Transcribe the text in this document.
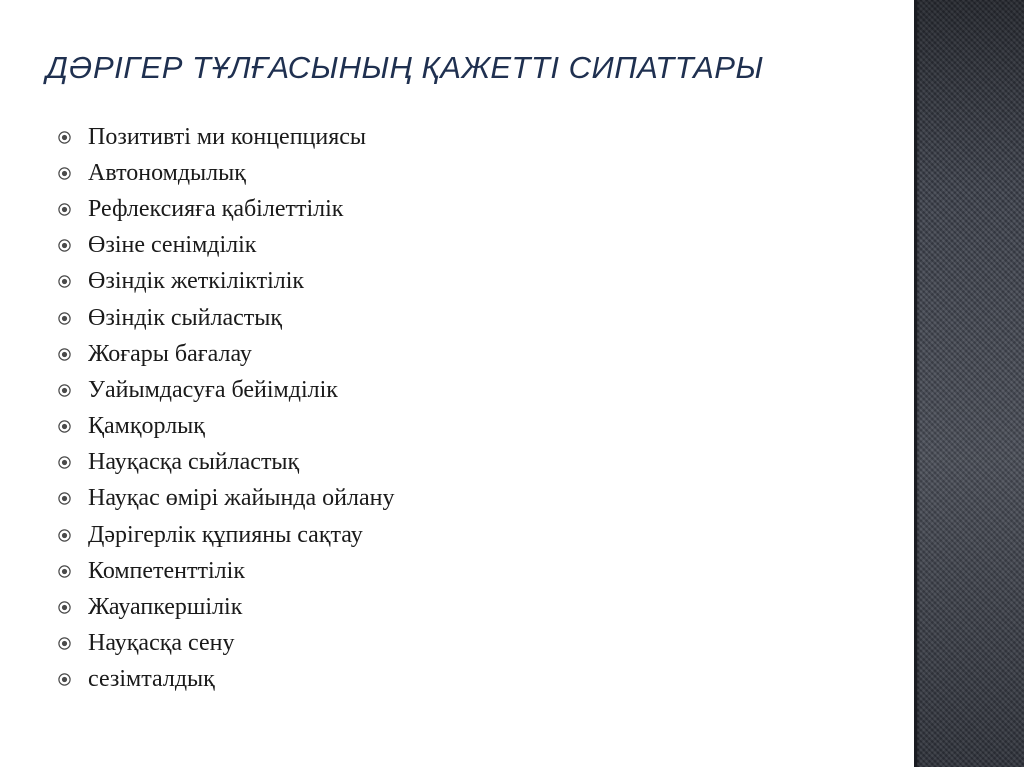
ДӘРІГЕР ТҰЛҒАСЫНЫҢ ҚАЖЕТТІ СИПАТТАРЫ
Позитивті ми концепциясы
Автономдылық
Рефлексияға қабілеттілік
Өзіне сенімділік
Өзіндік жеткіліктілік
Өзіндік сыйластық
Жоғары бағалау
Уайымдасуға бейімділік
Қамқорлық
Науқасқа сыйластық
Науқас өмірі жайында ойлану
Дәрігерлік құпияны сақтау
Компетенттілік
Жауапкершілік
Науқасқа сену
сезімталдық
